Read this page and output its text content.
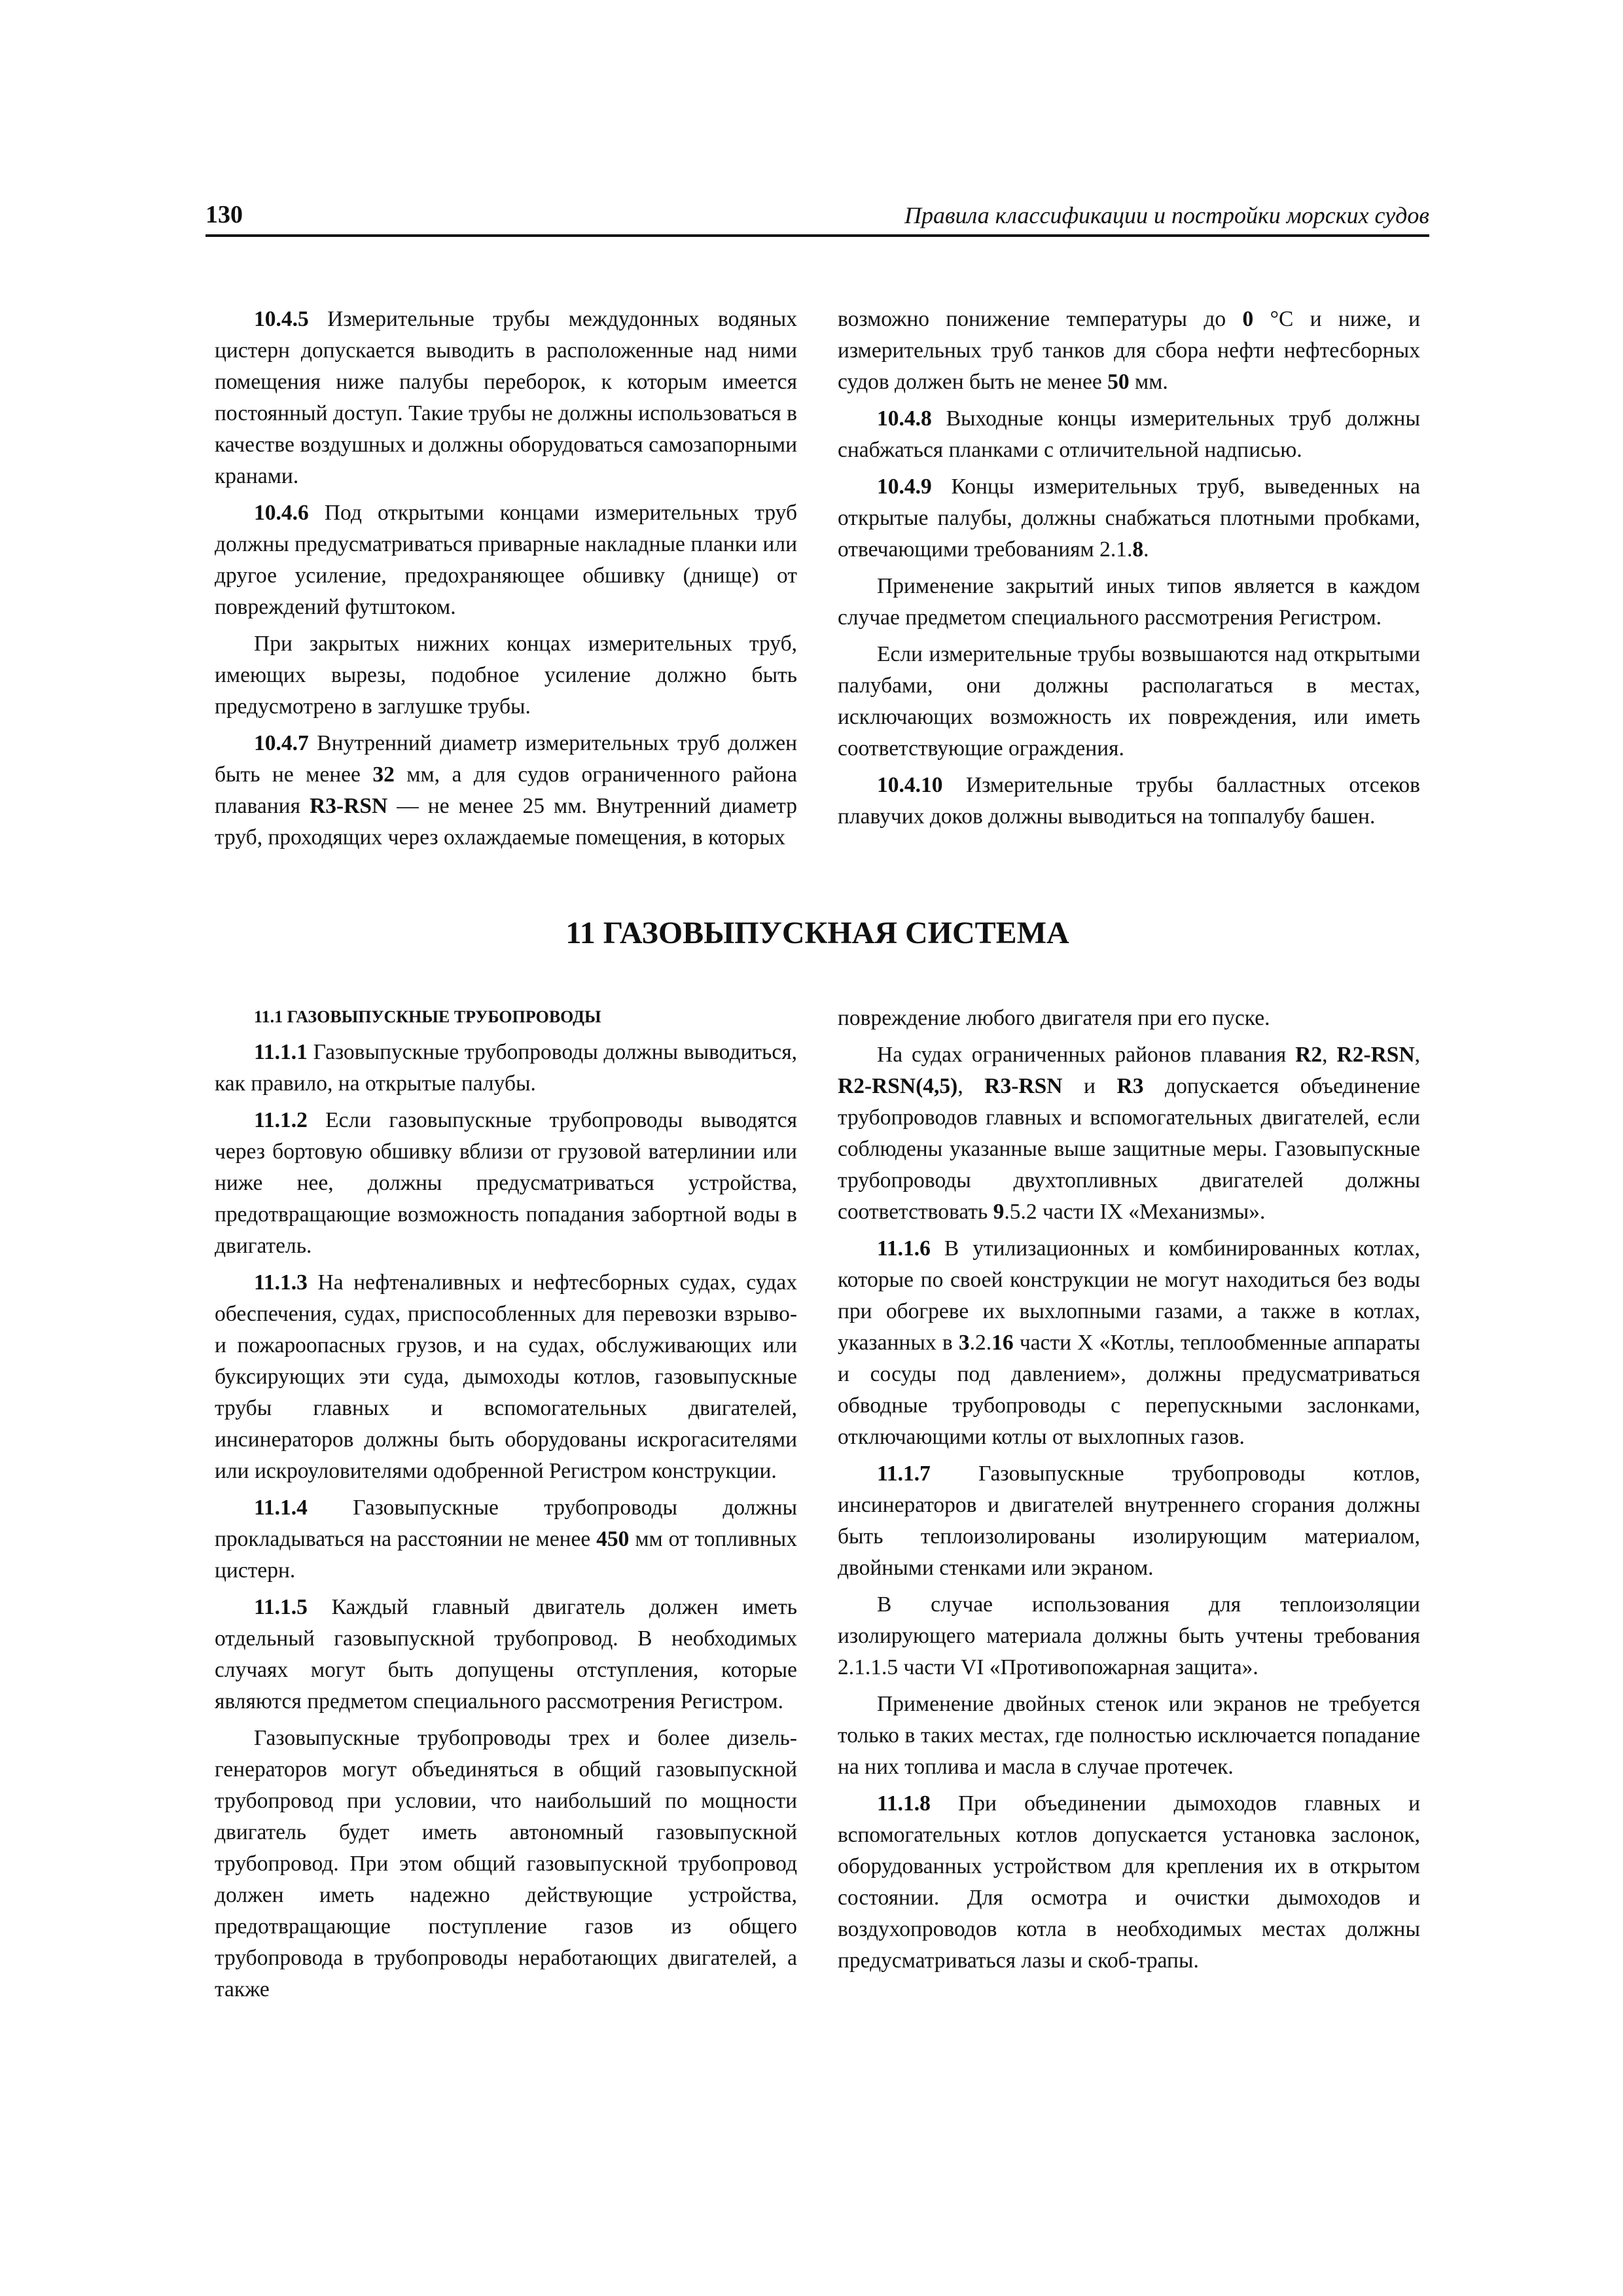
130	Правила классификации и постройки морских судов

10.4.5 Измерительные трубы междудонных водяных цистерн допускается выводить в расположенные над ними помещения ниже палубы переборок, к которым имеется постоянный доступ. Такие трубы не должны использоваться в качестве воздушных и должны оборудоваться самозапорными кранами.

10.4.6 Под открытыми концами измерительных труб должны предусматриваться приварные накладные планки или другое усиление, предохраняющее обшивку (днище) от повреждений футштоком.

При закрытых нижних концах измерительных труб, имеющих вырезы, подобное усиление должно быть предусмотрено в заглушке трубы.

10.4.7 Внутренний диаметр измерительных труб должен быть не менее 32 мм, а для судов ограниченного района плавания R3-RSN — не менее 25 мм. Внутренний диаметр труб, проходящих через охлаждаемые помещения, в которых

возможно понижение температуры до 0 °C и ниже, и измерительных труб танков для сбора нефти нефтесборных судов должен быть не менее 50 мм.

10.4.8 Выходные концы измерительных труб должны снабжаться планками с отличительной надписью.

10.4.9 Концы измерительных труб, выведенных на открытые палубы, должны снабжаться плотными пробками, отвечающими требованиям 2.1.8.

Применение закрытий иных типов является в каждом случае предметом специального рассмотрения Регистром.

Если измерительные трубы возвышаются над открытыми палубами, они должны располагаться в местах, исключающих возможность их повреждения, или иметь соответствующие ограждения.

10.4.10 Измерительные трубы балластных отсеков плавучих доков должны выводиться на топпалубу башен.

11 ГАЗОВЫПУСКНАЯ СИСТЕМА

11.1 ГАЗОВЫПУСКНЫЕ ТРУБОПРОВОДЫ

11.1.1 Газовыпускные трубопроводы должны выводиться, как правило, на открытые палубы.

11.1.2 Если газовыпускные трубопроводы выводятся через бортовую обшивку вблизи от грузовой ватерлинии или ниже нее, должны предусматриваться устройства, предотвращающие возможность попадания забортной воды в двигатель.

11.1.3 На нефтеналивных и нефтесборных судах, судах обеспечения, судах, приспособленных для перевозки взрыво- и пожароопасных грузов, и на судах, обслуживающих или буксирующих эти суда, дымоходы котлов, газовыпускные трубы главных и вспомогательных двигателей, инсинераторов должны быть оборудованы искрогасителями или искроуловителями одобренной Регистром конструкции.

11.1.4 Газовыпускные трубопроводы должны прокладываться на расстоянии не менее 450 мм от топливных цистерн.

11.1.5 Каждый главный двигатель должен иметь отдельный газовыпускной трубопровод. В необходимых случаях могут быть допущены отступления, которые являются предметом специального рассмотрения Регистром.

Газовыпускные трубопроводы трех и более дизель-генераторов могут объединяться в общий газовыпускной трубопровод при условии, что наибольший по мощности двигатель будет иметь автономный газовыпускной трубопровод. При этом общий газовыпускной трубопровод должен иметь надежно действующие устройства, предотвращающие поступление газов из общего трубопровода в трубопроводы неработающих двигателей, а также

повреждение любого двигателя при его пуске.

На судах ограниченных районов плавания R2, R2-RSN, R2-RSN(4,5), R3-RSN и R3 допускается объединение трубопроводов главных и вспомогательных двигателей, если соблюдены указанные выше защитные меры. Газовыпускные трубопроводы двухтопливных двигателей должны соответствовать 9.5.2 части IX «Механизмы».

11.1.6 В утилизационных и комбинированных котлах, которые по своей конструкции не могут находиться без воды при обогреве их выхлопными газами, а также в котлах, указанных в 3.2.16 части X «Котлы, теплообменные аппараты и сосуды под давлением», должны предусматриваться обводные трубопроводы с перепускными заслонками, отключающими котлы от выхлопных газов.

11.1.7 Газовыпускные трубопроводы котлов, инсинераторов и двигателей внутреннего сгорания должны быть теплоизолированы изолирующим материалом, двойными стенками или экраном.

В случае использования для теплоизоляции изолирующего материала должны быть учтены требования 2.1.1.5 части VI «Противопожарная защита».

Применение двойных стенок или экранов не требуется только в таких местах, где полностью исключается попадание на них топлива и масла в случае протечек.

11.1.8 При объединении дымоходов главных и вспомогательных котлов допускается установка заслонок, оборудованных устройством для крепления их в открытом состоянии. Для осмотра и очистки дымоходов и воздухопроводов котла в необходимых местах должны предусматриваться лазы и скоб-трапы.
